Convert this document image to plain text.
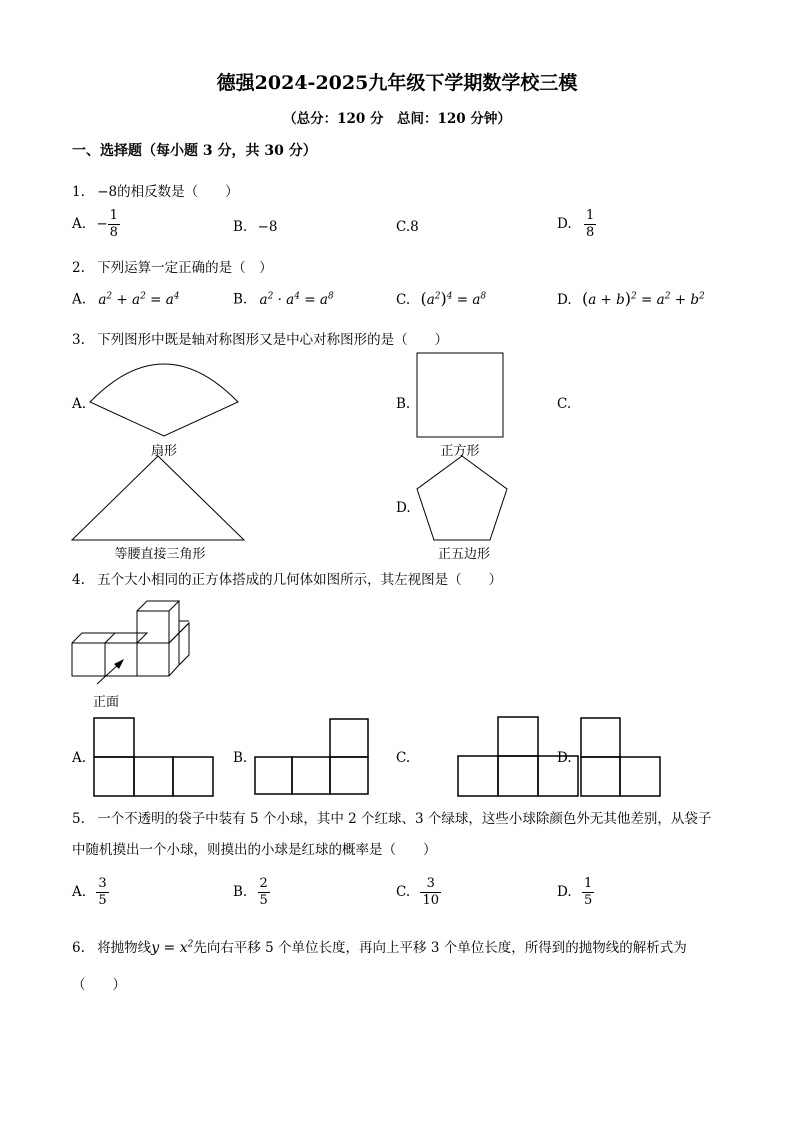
德强2024-2025九年级下学期数学校三模
（总分：120 分　总间：120 分钟）
一、选择题（每小题 3 分，共 30 分）
1. −8的相反数是（　　）
A. − $\frac{1}{8}$	B. −8	C.8	D. $\frac{1}{8}$
2. 下列运算一定正确的是（　）
A. $a^2 + a^2 = a^4$	B. $a^2 \cdot a^4 = a^8$	C. $(a^2)^4 = a^8$	D. $(a + b)^2 = a^2 + b^2$
3. 下列图形中既是轴对称图形又是中心对称图形的是（　　）
A.
扇形
B.
正方形
C.
等腰直接三角形
D.
正五边形
4. 五个大小相同的正方体搭成的几何体如图所示，其左视图是（　　）
正面
A.	B.	C.	D.
5. 一个不透明的袋子中装有 5 个小球，其中 2 个红球、3 个绿球，这些小球除颜色外无其他差别，从袋子
中随机摸出一个小球，则摸出的小球是红球的概率是（　　）
A. $\frac{3}{5}$	B. $\frac{2}{5}$	C. $\frac{3}{10}$	D. $\frac{1}{5}$
6. 将抛物线$y = x^2$先向右平移 5 个单位长度，再向上平移 3 个单位长度，所得到的抛物线的解析式为
（　　）
